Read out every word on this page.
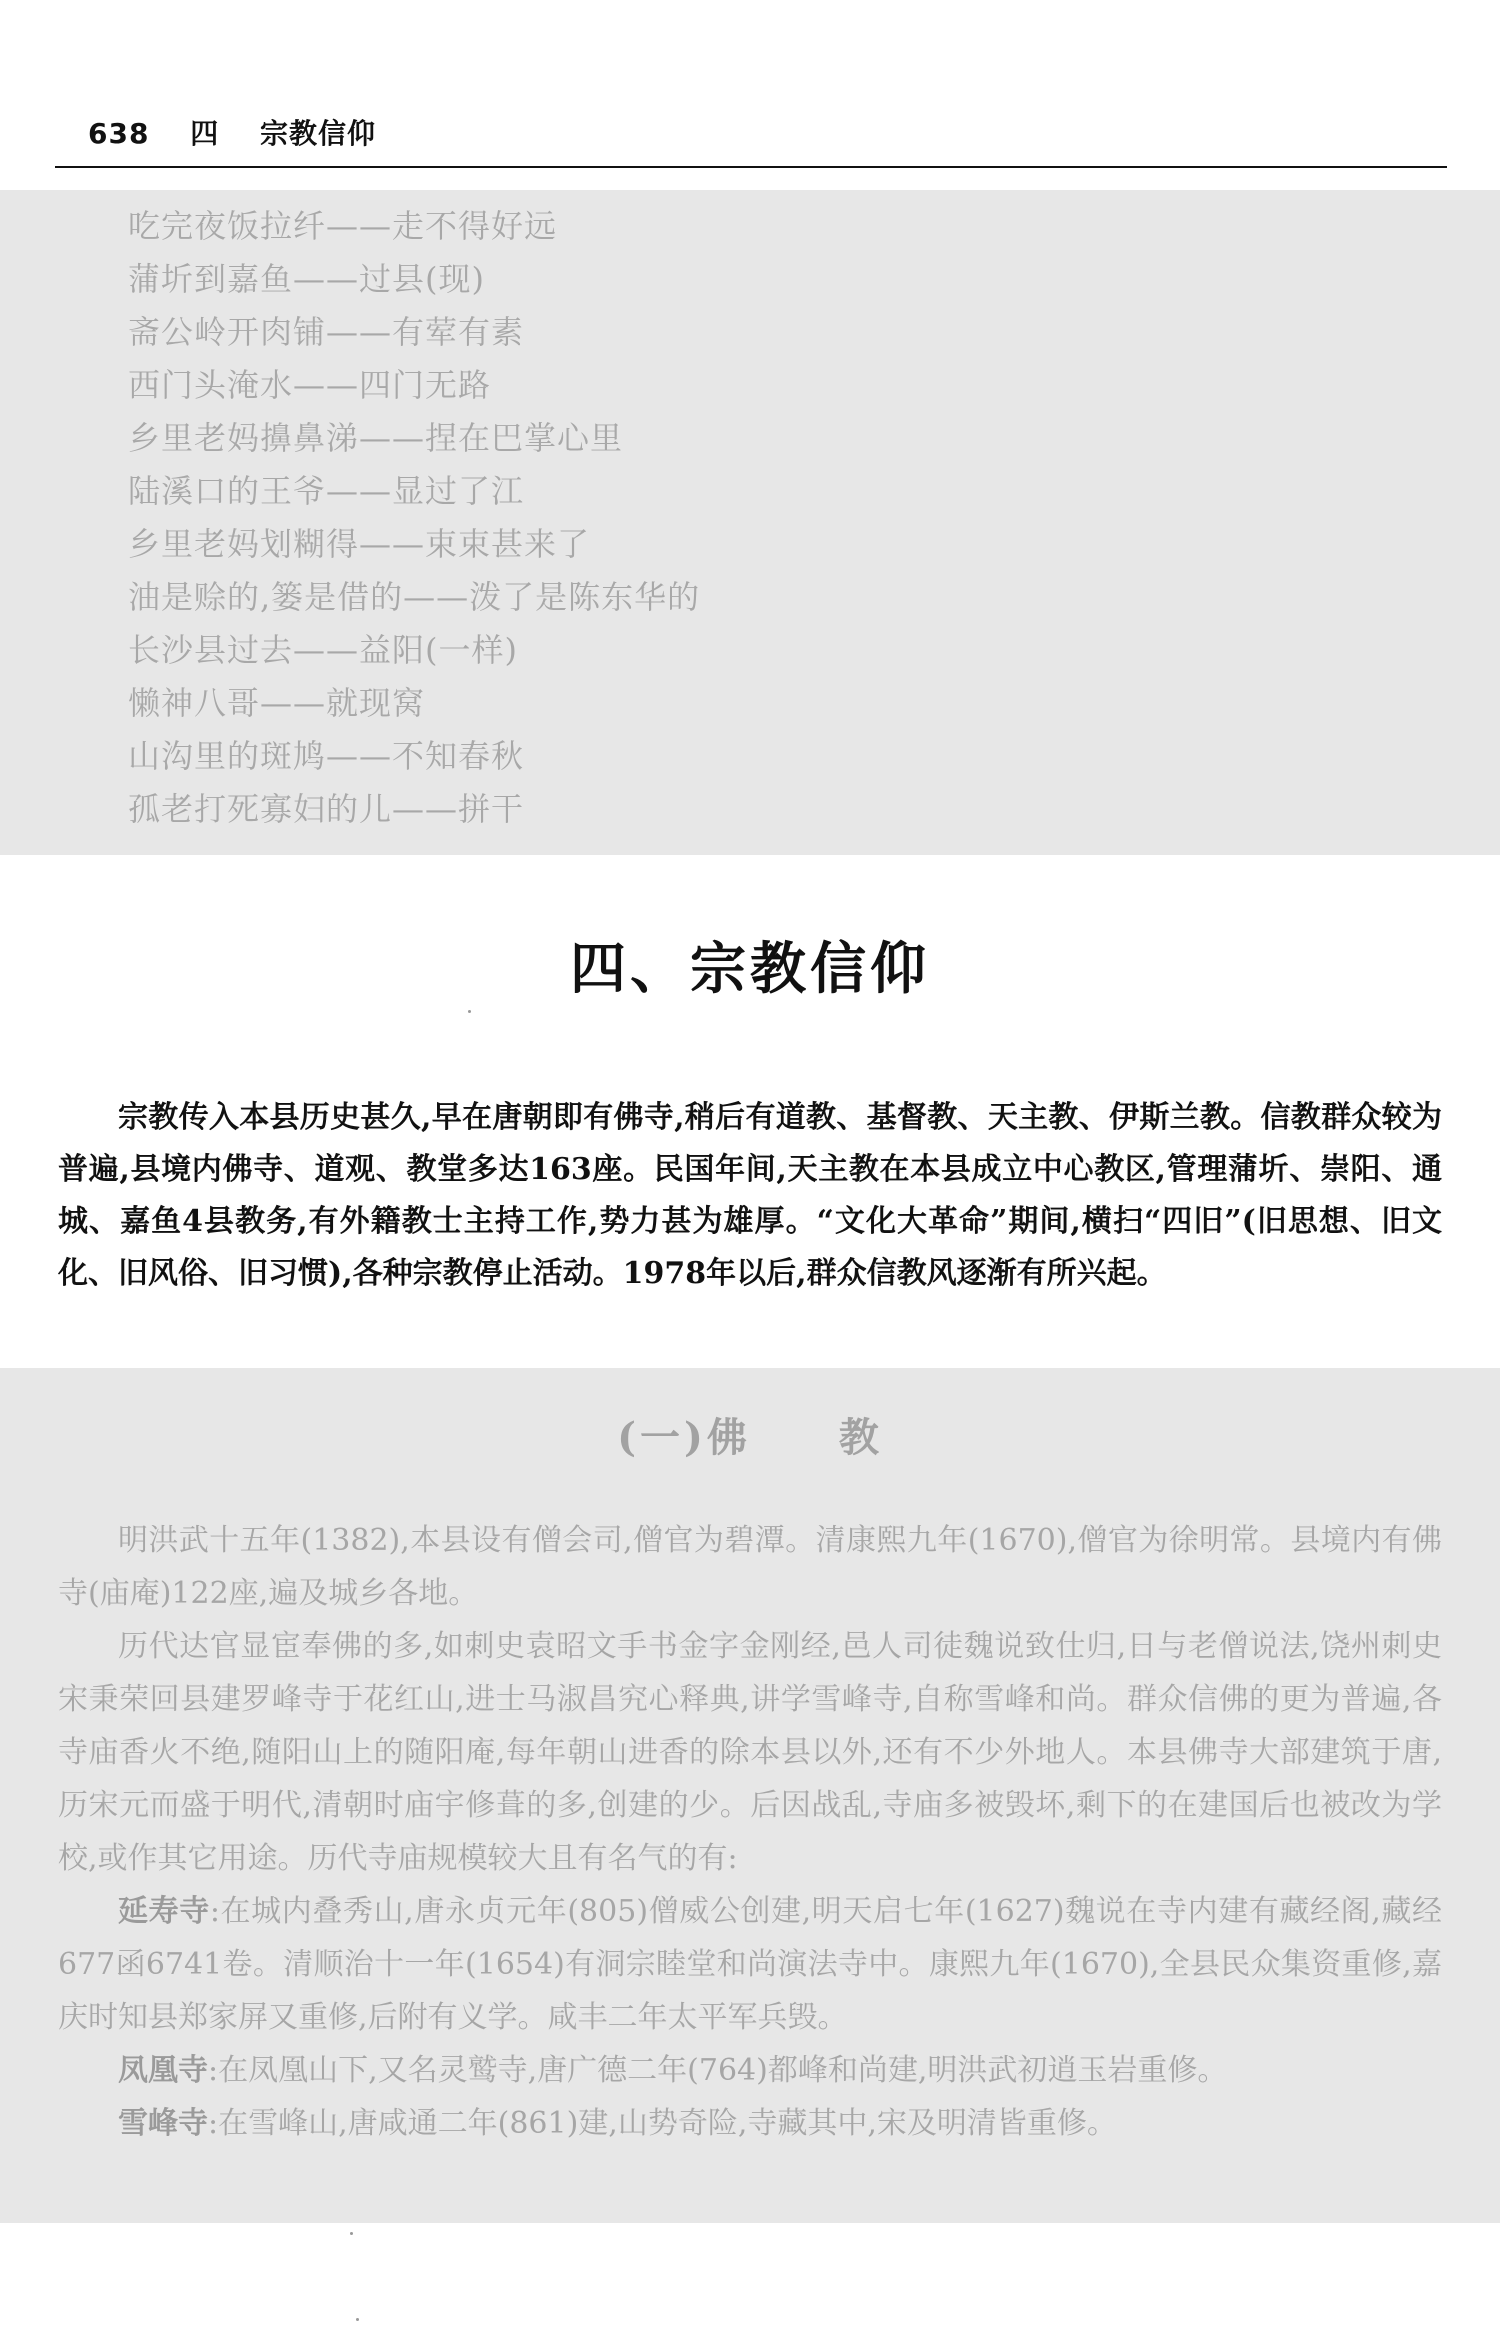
638 四 宗教信仰
吃完夜饭拉纤——走不得好远
蒲圻到嘉鱼——过县(现)
斋公岭开肉铺——有荤有素
西门头淹水——四门无路
乡里老妈擤鼻涕——捏在巴掌心里
陆溪口的王爷——显过了江
乡里老妈划糊得——束束甚来了
油是赊的,篓是借的——泼了是陈东华的
长沙县过去——益阳(一样)
懒神八哥——就现窝
山沟里的斑鸠——不知春秋
孤老打死寡妇的儿——拼干
四、宗教信仰

宗教传入本县历史甚久,早在唐朝即有佛寺,稍后有道教、基督教、天主教、伊斯兰教。信教群众较为普遍,县境内佛寺、道观、教堂多达163座。民国年间,天主教在本县成立中心教区,管理蒲圻、崇阳、通城、嘉鱼4县教务,有外籍教士主持工作,势力甚为雄厚。“文化大革命”期间,横扫“四旧”(旧思想、旧文化、旧风俗、旧习惯),各种宗教停止活动。1978年以后,群众信教风逐渐有所兴起。

(一)佛　　教

明洪武十五年(1382),本县设有僧会司,僧官为碧潭。清康熙九年(1670),僧官为徐明常。县境内有佛寺(庙庵)122座,遍及城乡各地。

历代达官显宦奉佛的多,如刺史袁昭文手书金字金刚经,邑人司徒魏说致仕归,日与老僧说法,饶州刺史宋秉荣回县建罗峰寺于花红山,进士马淑昌究心释典,讲学雪峰寺,自称雪峰和尚。群众信佛的更为普遍,各寺庙香火不绝,随阳山上的随阳庵,每年朝山进香的除本县以外,还有不少外地人。本县佛寺大部建筑于唐,历宋元而盛于明代,清朝时庙宇修葺的多,创建的少。后因战乱,寺庙多被毁坏,剩下的在建国后也被改为学校,或作其它用途。历代寺庙规模较大且有名气的有:

延寿寺:在城内叠秀山,唐永贞元年(805)僧威公创建,明天启七年(1627)魏说在寺内建有藏经阁,藏经677函6741卷。清顺治十一年(1654)有洞宗睦堂和尚演法寺中。康熙九年(1670),全县民众集资重修,嘉庆时知县郑家屏又重修,后附有义学。咸丰二年太平军兵毁。

凤凰寺:在凤凰山下,又名灵鹫寺,唐广德二年(764)都峰和尚建,明洪武初逍玉岩重修。

雪峰寺:在雪峰山,唐咸通二年(861)建,山势奇险,寺藏其中,宋及明清皆重修。
